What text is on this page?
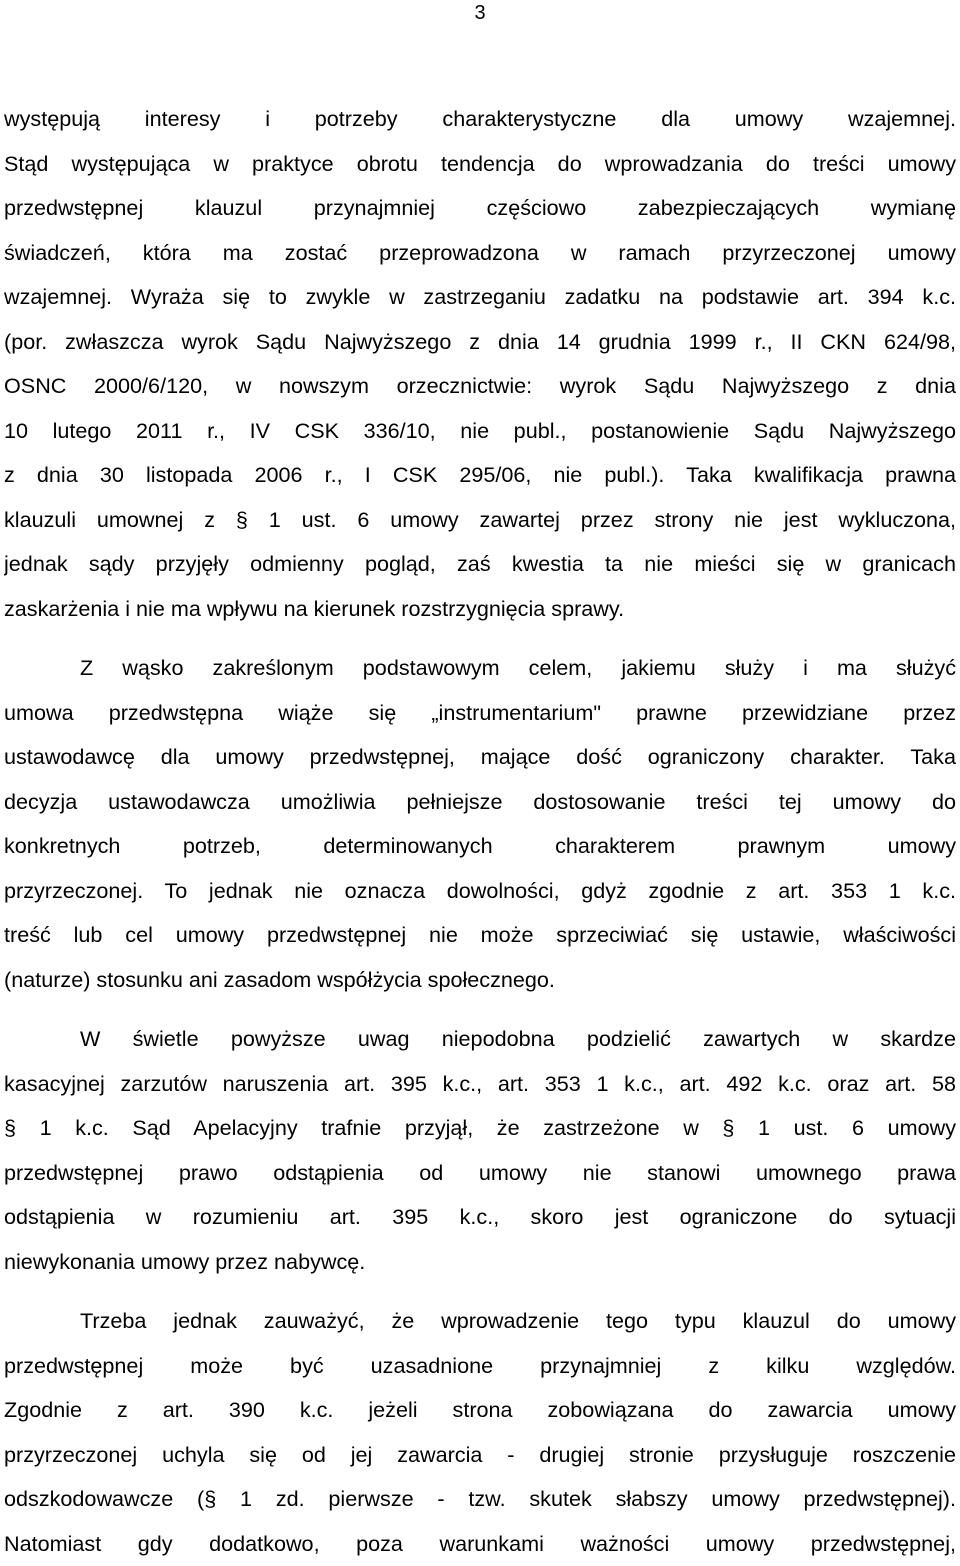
3
występują interesy i potrzeby charakterystyczne dla umowy wzajemnej.
Stąd występująca w praktyce obrotu tendencja do wprowadzania do treści umowy
przedwstępnej klauzul przynajmniej częściowo zabezpieczających wymianę
świadczeń, która ma zostać przeprowadzona w ramach przyrzeczonej umowy
wzajemnej. Wyraża się to zwykle w zastrzeganiu zadatku na podstawie art. 394 k.c.
(por. zwłaszcza wyrok Sądu Najwyższego z dnia 14 grudnia 1999 r., II CKN 624/98,
OSNC 2000/6/120, w nowszym orzecznictwie: wyrok Sądu Najwyższego z dnia
10 lutego 2011 r., IV CSK 336/10, nie publ., postanowienie Sądu Najwyższego
z dnia 30 listopada 2006 r., I CSK 295/06, nie publ.). Taka kwalifikacja prawna
klauzuli umownej z § 1 ust. 6 umowy zawartej przez strony nie jest wykluczona,
jednak sądy przyjęły odmienny pogląd, zaś kwestia ta nie mieści się w granicach
zaskarżenia i nie ma wpływu na kierunek rozstrzygnięcia sprawy.
Z wąsko zakreślonym podstawowym celem, jakiemu służy i ma służyć
umowa przedwstępna wiąże się „instrumentarium" prawne przewidziane przez
ustawodawcę dla umowy przedwstępnej, mające dość ograniczony charakter. Taka
decyzja ustawodawcza umożliwia pełniejsze dostosowanie treści tej umowy do
konkretnych potrzeb, determinowanych charakterem prawnym umowy
przyrzeczonej. To jednak nie oznacza dowolności, gdyż zgodnie z art. 353 1 k.c.
treść lub cel umowy przedwstępnej nie może sprzeciwiać się ustawie, właściwości
(naturze) stosunku ani zasadom współżycia społecznego.
W świetle powyższe uwag niepodobna podzielić zawartych w skardze
kasacyjnej zarzutów naruszenia art. 395 k.c., art. 353 1 k.c., art. 492 k.c. oraz art. 58
§ 1 k.c. Sąd Apelacyjny trafnie przyjął, że zastrzeżone w § 1 ust. 6 umowy
przedwstępnej prawo odstąpienia od umowy nie stanowi umownego prawa
odstąpienia w rozumieniu art. 395 k.c., skoro jest ograniczone do sytuacji
niewykonania umowy przez nabywcę.
Trzeba jednak zauważyć, że wprowadzenie tego typu klauzul do umowy
przedwstępnej może być uzasadnione przynajmniej z kilku względów.
Zgodnie z art. 390 k.c. jeżeli strona zobowiązana do zawarcia umowy
przyrzeczonej uchyla się od jej zawarcia - drugiej stronie przysługuje roszczenie
odszkodowawcze (§ 1 zd. pierwsze - tzw. skutek słabszy umowy przedwstępnej).
Natomiast gdy dodatkowo, poza warunkami ważności umowy przedwstępnej,
